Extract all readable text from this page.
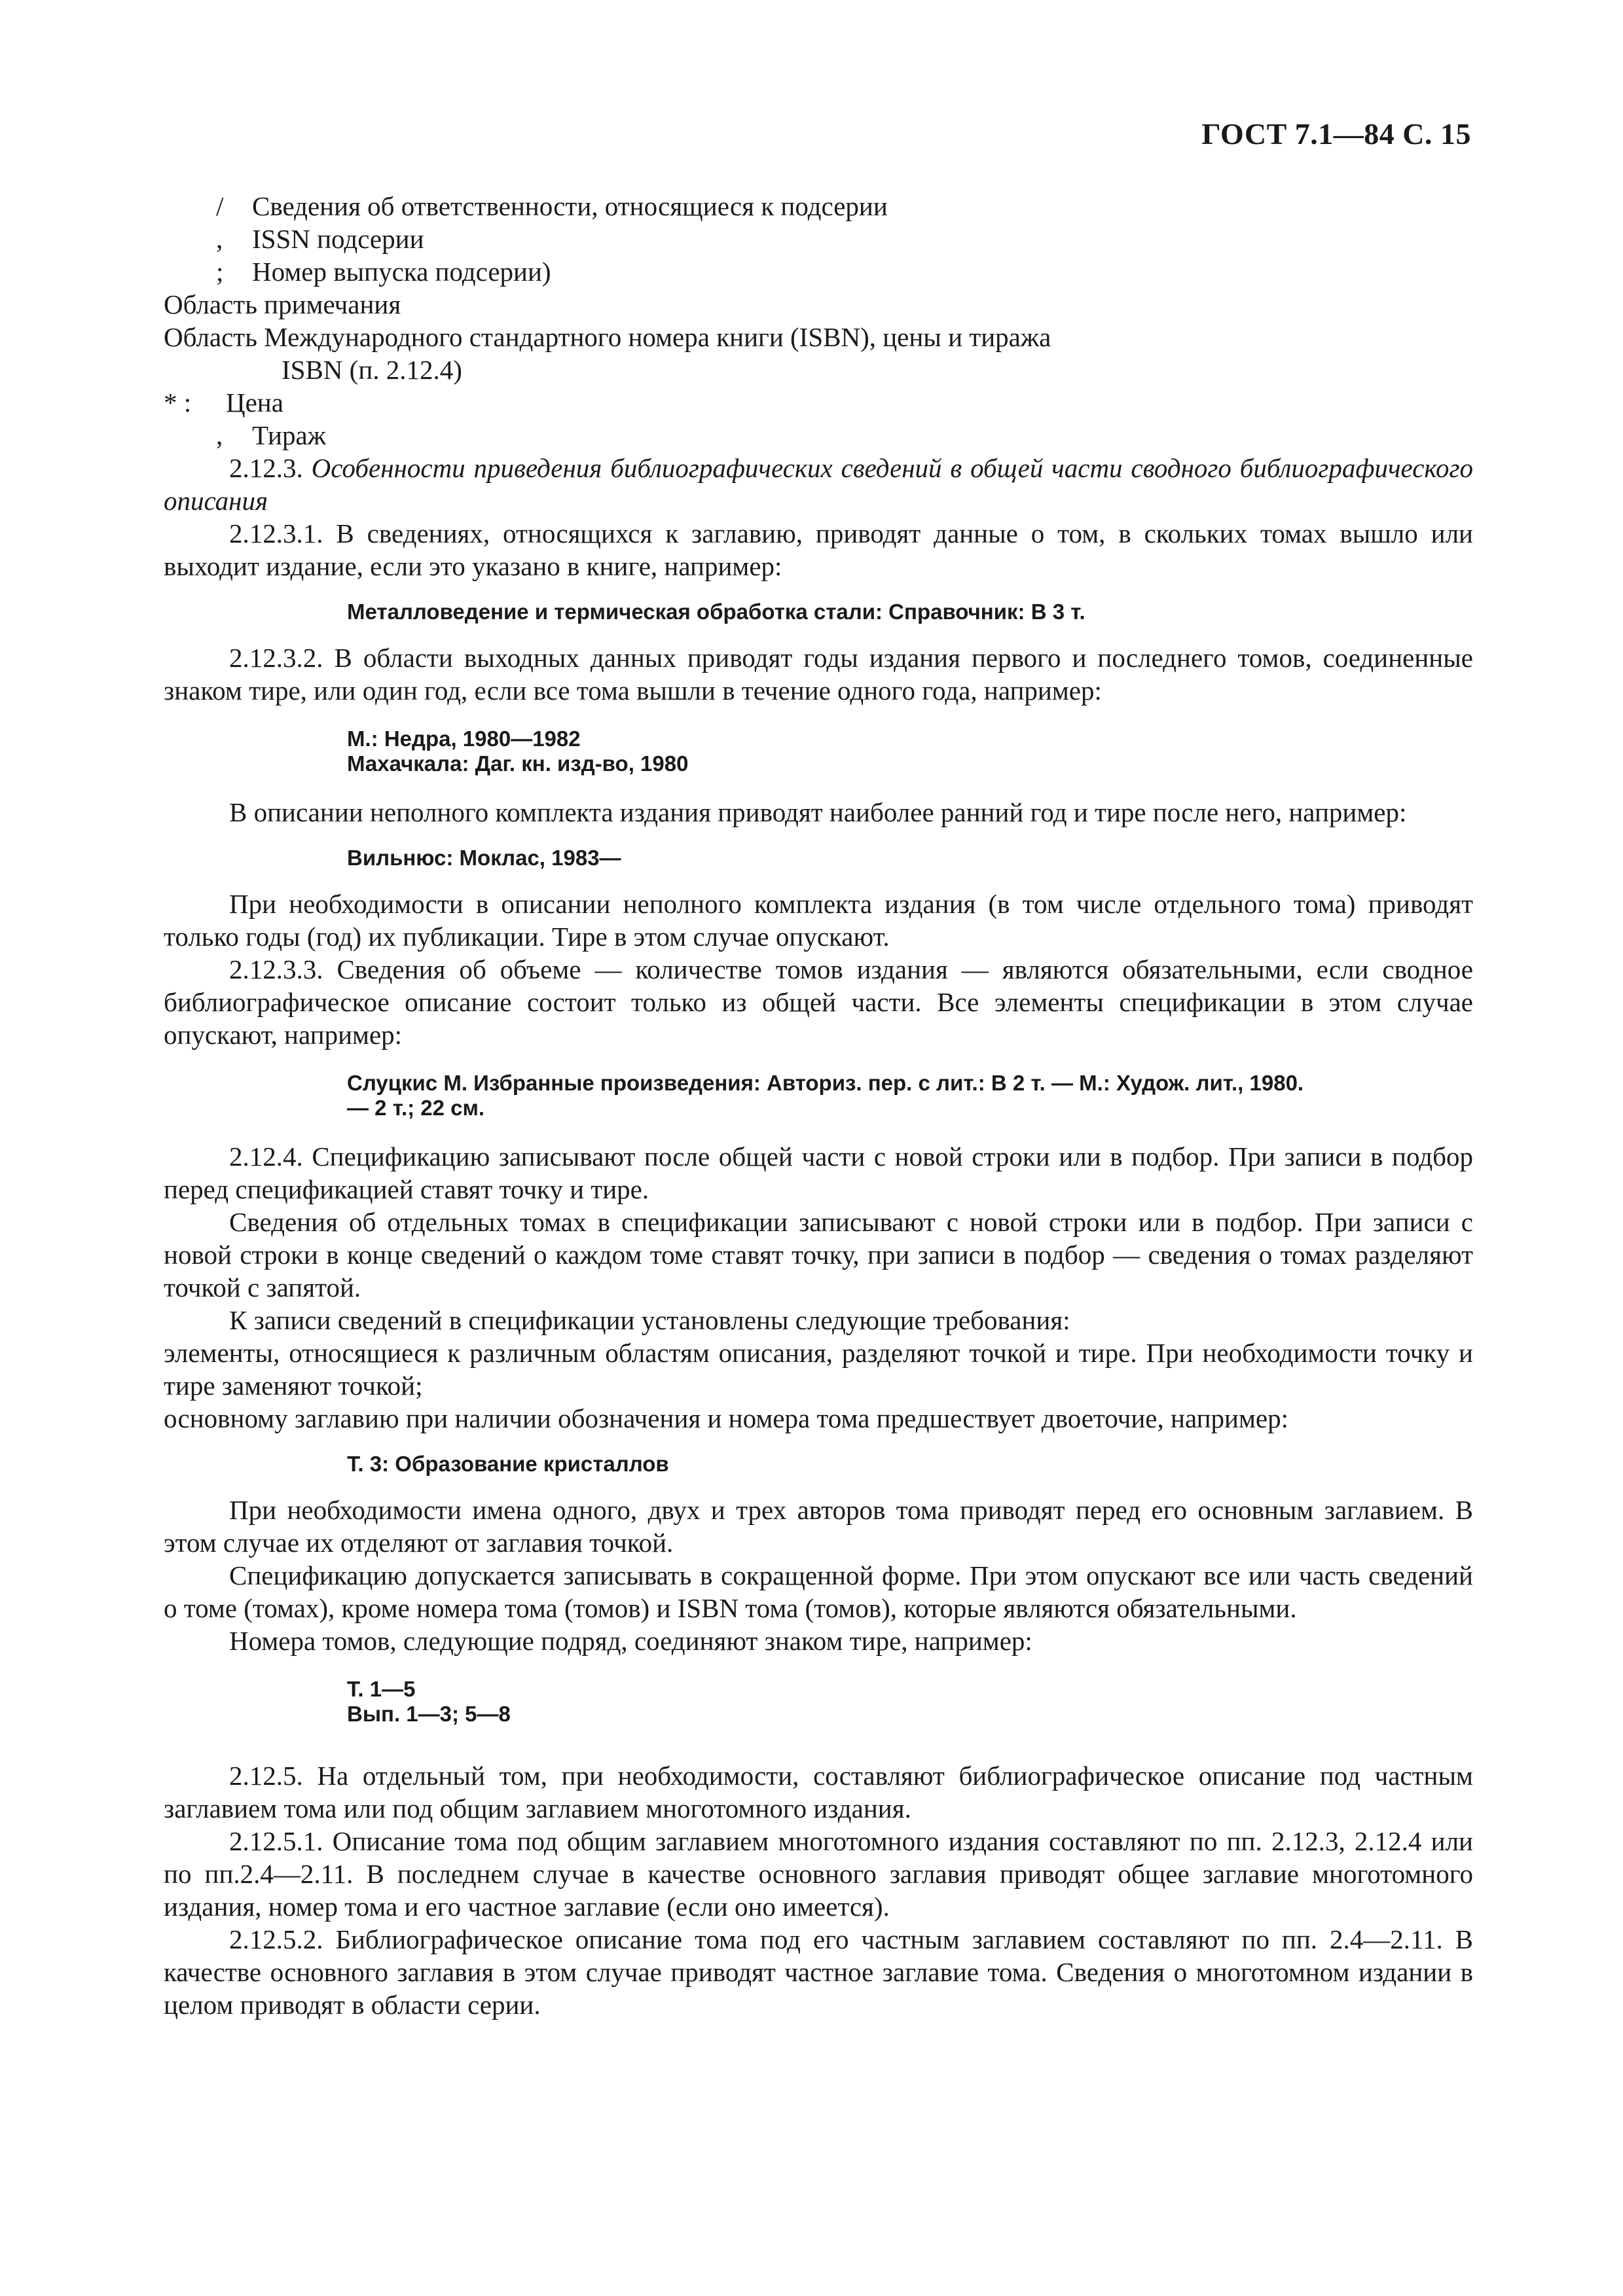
ГОСТ 7.1—84 С. 15
/	Сведения об ответственности, относящиеся к подсерии
,	ISSN подсерии
;	Номер выпуска подсерии)
Область примечания
Область Международного стандартного номера книги (ISBN), цены и тиража
ISBN (п. 2.12.4)
* :	Цена
,	Тираж

2.12.3. Особенности приведения библиографических сведений в общей части сводного библиографического описания

2.12.3.1. В сведениях, относящихся к заглавию, приводят данные о том, в скольких томах вышло или выходит издание, если это указано в книге, например:

Металловедение и термическая обработка стали: Справочник: В 3 т.

2.12.3.2. В области выходных данных приводят годы издания первого и последнего томов, соединенные знаком тире, или один год, если все тома вышли в течение одного года, например:

М.: Недра, 1980—1982

Махачкала: Даг. кн. изд-во, 1980

В описании неполного комплекта издания приводят наиболее ранний год и тире после него, например:

Вильнюс: Моклас, 1983—

При необходимости в описании неполного комплекта издания (в том числе отдельного тома) приводят только годы (год) их публикации. Тире в этом случае опускают.

2.12.3.3. Сведения об объеме — количестве томов издания — являются обязательными, если сводное библиографическое описание состоит только из общей части. Все элементы спецификации в этом случае опускают, например:

Слуцкис М. Избранные произведения: Авториз. пер. с лит.: В 2 т. — М.: Худож. лит., 1980.

— 2 т.; 22 см.

2.12.4. Спецификацию записывают после общей части с новой строки или в подбор. При записи в подбор перед спецификацией ставят точку и тире.

Сведения об отдельных томах в спецификации записывают с новой строки или в подбор. При записи с новой строки в конце сведений о каждом томе ставят точку, при записи в подбор — сведения о томах разделяют точкой с запятой.

К записи сведений в спецификации установлены следующие требования:

элементы, относящиеся к различным областям описания, разделяют точкой и тире. При необходимости точку и тире заменяют точкой;

основному заглавию при наличии обозначения и номера тома предшествует двоеточие, например:

Т. 3: Образование кристаллов

При необходимости имена одного, двух и трех авторов тома приводят перед его основным заглавием. В этом случае их отделяют от заглавия точкой.

Спецификацию допускается записывать в сокращенной форме. При этом опускают все или часть сведений о томе (томах), кроме номера тома (томов) и ISBN тома (томов), которые являются обязательными.

Номера томов, следующие подряд, соединяют знаком тире, например:

Т. 1—5

Вып. 1—3; 5—8

2.12.5. На отдельный том, при необходимости, составляют библиографическое описание под частным заглавием тома или под общим заглавием многотомного издания.

2.12.5.1. Описание тома под общим заглавием многотомного издания составляют по пп. 2.12.3, 2.12.4 или по пп.2.4—2.11. В последнем случае в качестве основного заглавия приводят общее заглавие многотомного издания, номер тома и его частное заглавие (если оно имеется).

2.12.5.2. Библиографическое описание тома под его частным заглавием составляют по пп. 2.4—2.11. В качестве основного заглавия в этом случае приводят частное заглавие тома. Сведения о многотомном издании в целом приводят в области серии.
